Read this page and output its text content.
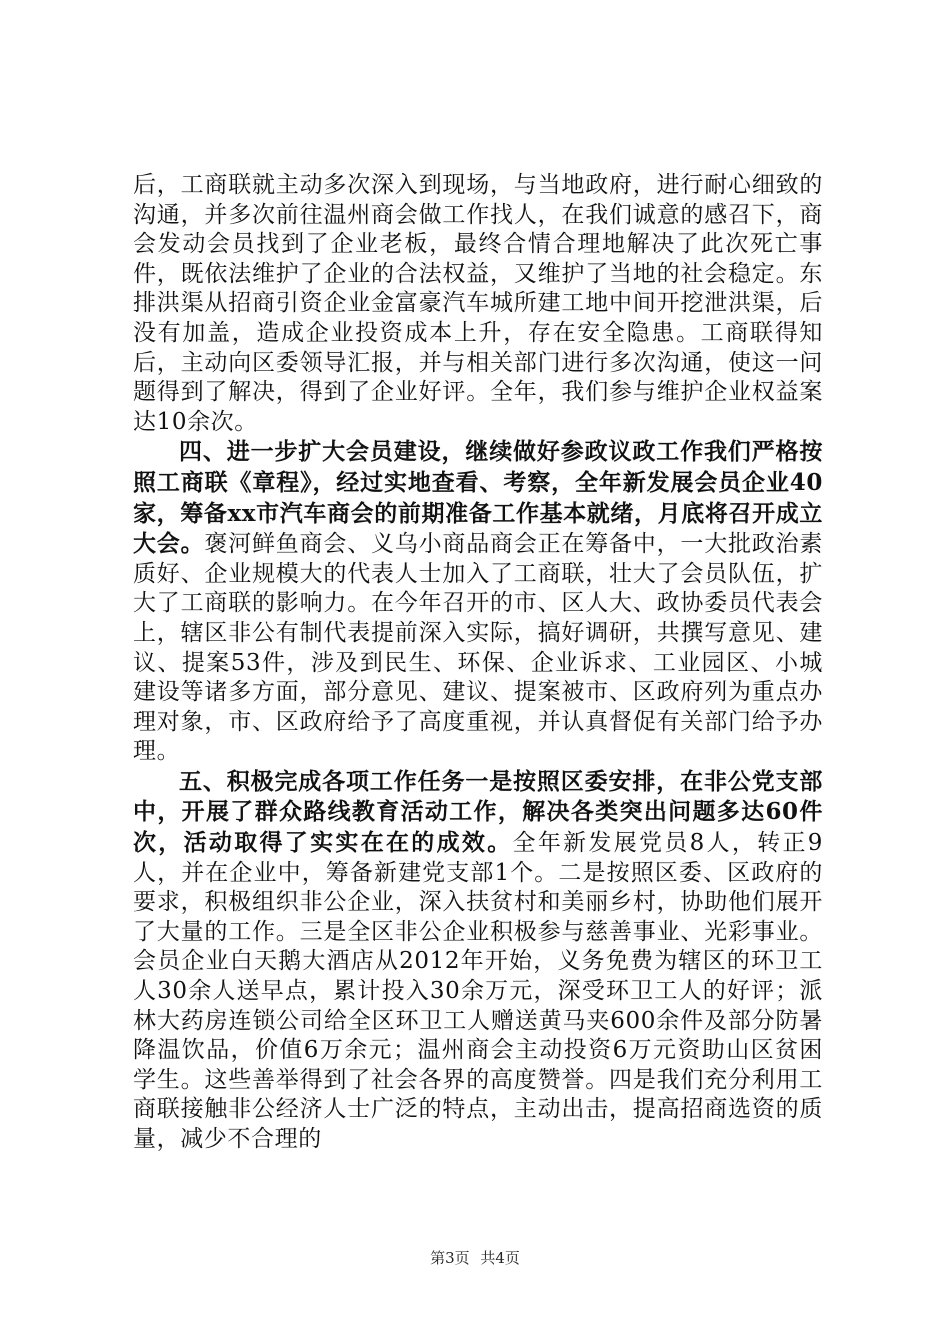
后，工商联就主动多次深入到现场，与当地政府，进行耐心细致的沟通，并多次前往温州商会做工作找人，在我们诚意的感召下，商会发动会员找到了企业老板，最终合情合理地解决了此次死亡事件，既依法维护了企业的合法权益，又维护了当地的社会稳定。东排洪渠从招商引资企业金富豪汽车城所建工地中间开挖泄洪渠，后没有加盖，造成企业投资成本上升，存在安全隐患。工商联得知后，主动向区委领导汇报，并与相关部门进行多次沟通，使这一问题得到了解决，得到了企业好评。全年，我们参与维护企业权益案达10余次。

四、进一步扩大会员建设，继续做好参政议政工作我们严格按照工商联《章程》，经过实地查看、考察，全年新发展会员企业40家，筹备xx市汽车商会的前期准备工作基本就绪，月底将召开成立大会。褒河鲜鱼商会、义乌小商品商会正在筹备中，一大批政治素质好、企业规模大的代表人士加入了工商联，壮大了会员队伍，扩大了工商联的影响力。在今年召开的市、区人大、政协委员代表会上，辖区非公有制代表提前深入实际，搞好调研，共撰写意见、建议、提案53件，涉及到民生、环保、企业诉求、工业园区、小城建设等诸多方面，部分意见、建议、提案被市、区政府列为重点办理对象，市、区政府给予了高度重视，并认真督促有关部门给予办理。

五、积极完成各项工作任务一是按照区委安排，在非公党支部中，开展了群众路线教育活动工作，解决各类突出问题多达60件次，活动取得了实实在在的成效。全年新发展党员8人，转正9人，并在企业中，筹备新建党支部1个。二是按照区委、区政府的要求，积极组织非公企业，深入扶贫村和美丽乡村，协助他们展开了大量的工作。三是全区非公企业积极参与慈善事业、光彩事业。会员企业白天鹅大酒店从2012年开始，义务免费为辖区的环卫工人30余人送早点，累计投入30余万元，深受环卫工人的好评；派林大药房连锁公司给全区环卫工人赠送黄马夹600余件及部分防暑降温饮品，价值6万余元；温州商会主动投资6万元资助山区贫困学生。这些善举得到了社会各界的高度赞誉。四是我们充分利用工商联接触非公经济人士广泛的特点，主动出击，提高招商选资的质量，减少不合理的

第3页 共4页
